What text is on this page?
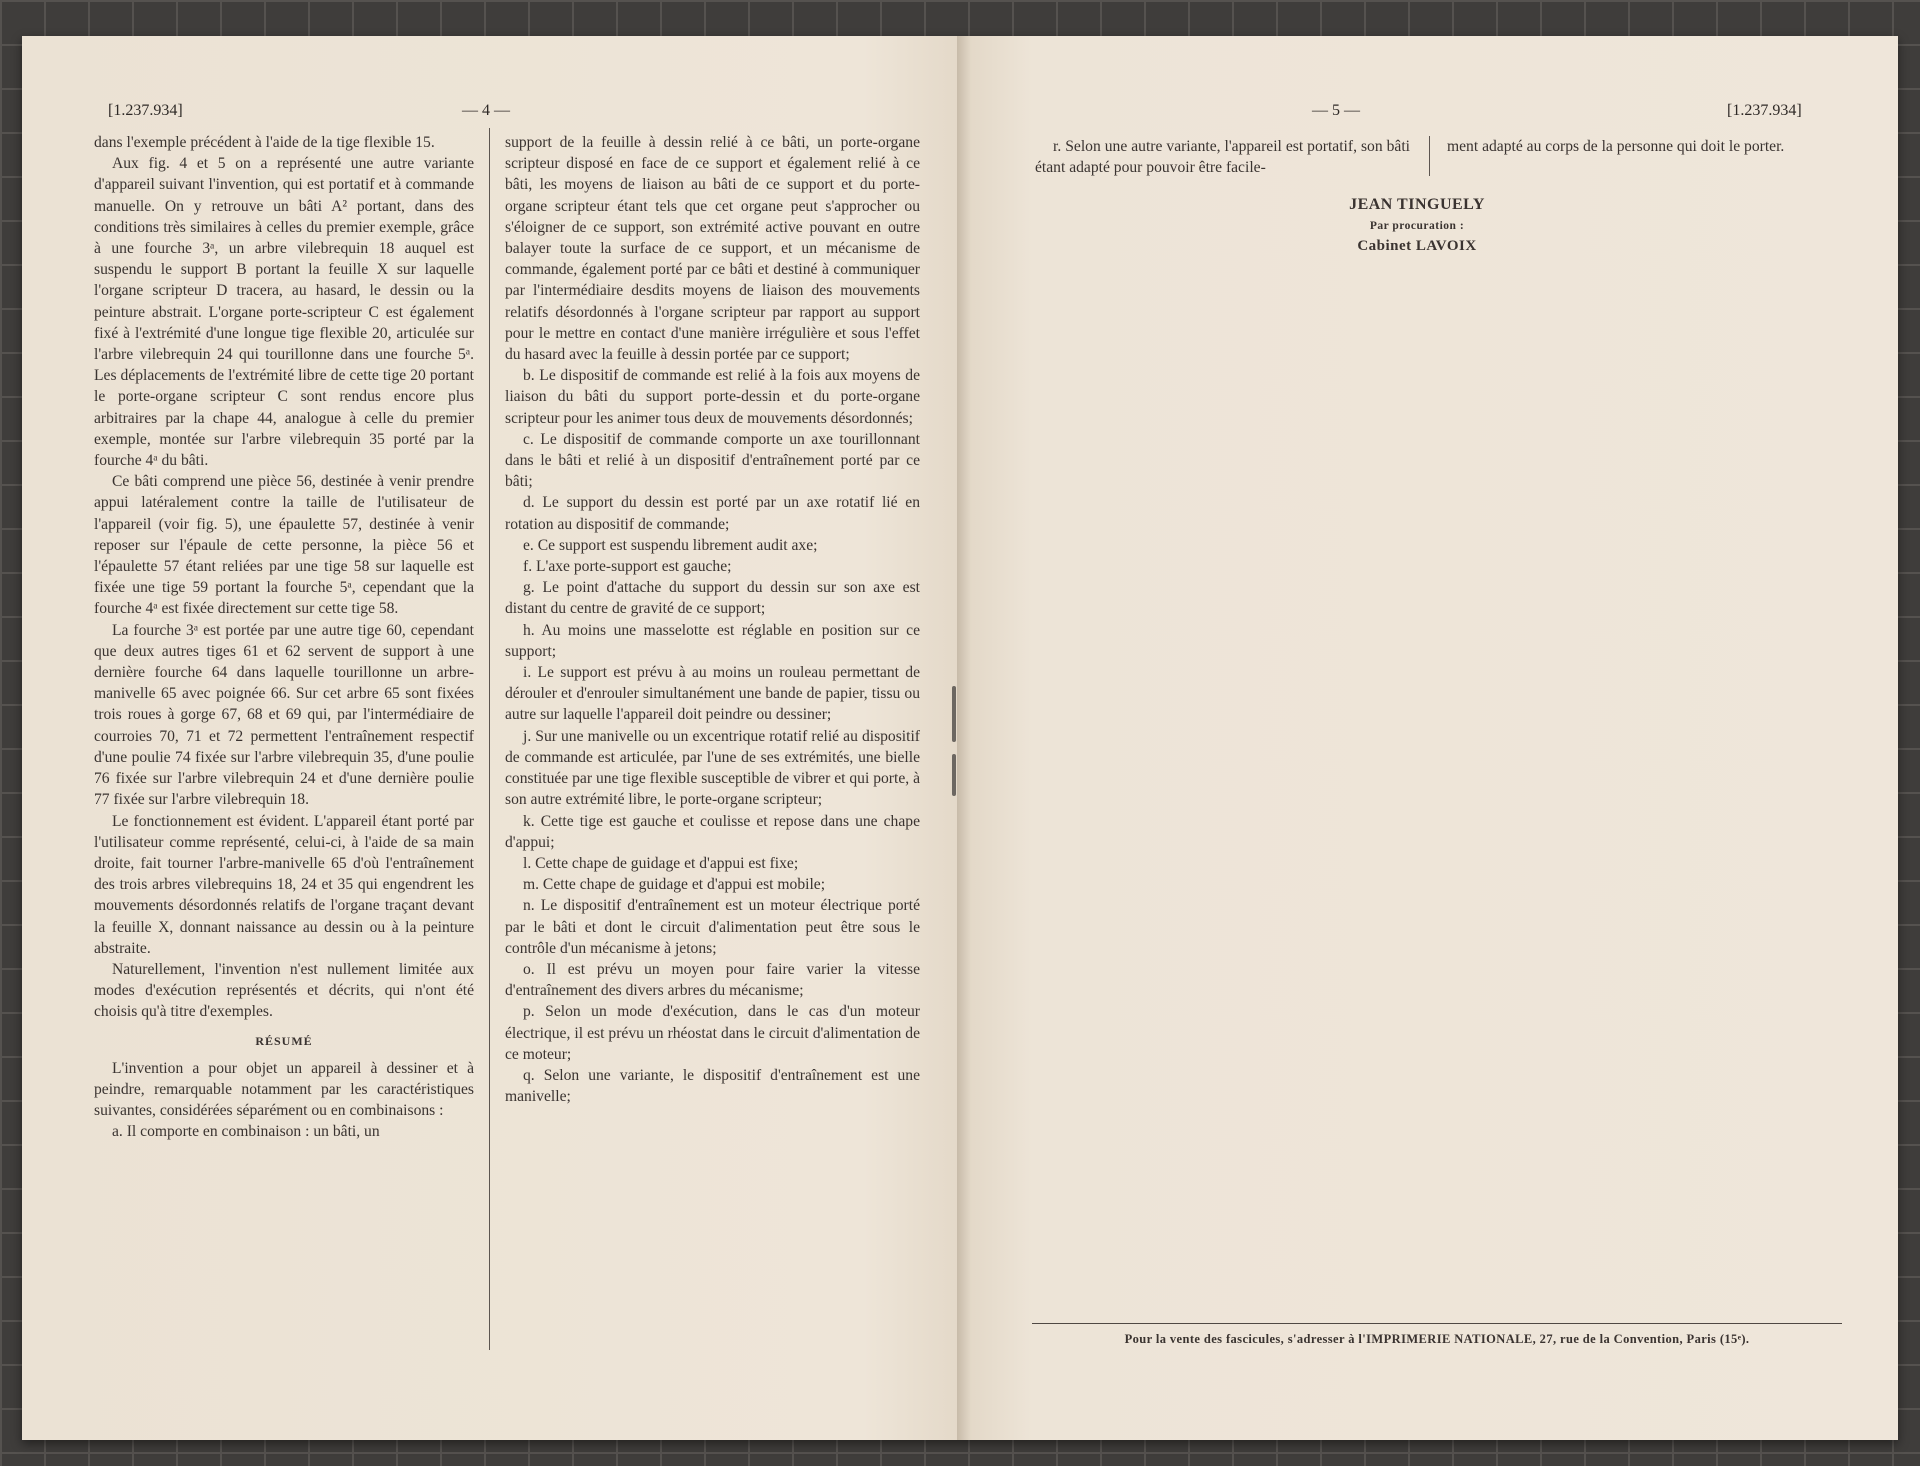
[1.237.934]	— 4 —

dans l'exemple précédent à l'aide de la tige flexible 15.

Aux fig. 4 et 5 on a représenté une autre variante d'appareil suivant l'invention, qui est portatif et à commande manuelle. On y retrouve un bâti A² portant, dans des conditions très similaires à celles du premier exemple, grâce à une fourche 3ᵃ, un arbre vilebrequin 18 auquel est suspendu le support B portant la feuille X sur laquelle l'organe scripteur D tracera, au hasard, le dessin ou la peinture abstrait. L'organe porte-scripteur C est également fixé à l'extrémité d'une longue tige flexible 20, articulée sur l'arbre vilebrequin 24 qui tourillonne dans une fourche 5ᵃ. Les déplacements de l'extrémité libre de cette tige 20 portant le porte-organe scripteur C sont rendus encore plus arbitraires par la chape 44, analogue à celle du premier exemple, montée sur l'arbre vilebrequin 35 porté par la fourche 4ᵃ du bâti.

Ce bâti comprend une pièce 56, destinée à venir prendre appui latéralement contre la taille de l'utilisateur de l'appareil (voir fig. 5), une épaulette 57, destinée à venir reposer sur l'épaule de cette personne, la pièce 56 et l'épaulette 57 étant reliées par une tige 58 sur laquelle est fixée une tige 59 portant la fourche 5ᵃ, cependant que la fourche 4ᵃ est fixée directement sur cette tige 58.

La fourche 3ᵃ est portée par une autre tige 60, cependant que deux autres tiges 61 et 62 servent de support à une dernière fourche 64 dans laquelle tourillonne un arbre-manivelle 65 avec poignée 66. Sur cet arbre 65 sont fixées trois roues à gorge 67, 68 et 69 qui, par l'intermédiaire de courroies 70, 71 et 72 permettent l'entraînement respectif d'une poulie 74 fixée sur l'arbre vilebrequin 35, d'une poulie 76 fixée sur l'arbre vilebrequin 24 et d'une dernière poulie 77 fixée sur l'arbre vilebrequin 18.

Le fonctionnement est évident. L'appareil étant porté par l'utilisateur comme représenté, celui-ci, à l'aide de sa main droite, fait tourner l'arbre-manivelle 65 d'où l'entraînement des trois arbres vilebrequins 18, 24 et 35 qui engendrent les mouvements désordonnés relatifs de l'organe traçant devant la feuille X, donnant naissance au dessin ou à la peinture abstraite.

Naturellement, l'invention n'est nullement limitée aux modes d'exécution représentés et décrits, qui n'ont été choisis qu'à titre d'exemples.

RÉSUMÉ

L'invention a pour objet un appareil à dessiner et à peindre, remarquable notamment par les caractéristiques suivantes, considérées séparément ou en combinaisons :

a. Il comporte en combinaison : un bâti, un

support de la feuille à dessin relié à ce bâti, un porte-organe scripteur disposé en face de ce support et également relié à ce bâti, les moyens de liaison au bâti de ce support et du porte-organe scripteur étant tels que cet organe peut s'approcher ou s'éloigner de ce support, son extrémité active pouvant en outre balayer toute la surface de ce support, et un mécanisme de commande, également porté par ce bâti et destiné à communiquer par l'intermédiaire desdits moyens de liaison des mouvements relatifs désordonnés à l'organe scripteur par rapport au support pour le mettre en contact d'une manière irrégulière et sous l'effet du hasard avec la feuille à dessin portée par ce support;

b. Le dispositif de commande est relié à la fois aux moyens de liaison du bâti du support porte-dessin et du porte-organe scripteur pour les animer tous deux de mouvements désordonnés;

c. Le dispositif de commande comporte un axe tourillonnant dans le bâti et relié à un dispositif d'entraînement porté par ce bâti;

d. Le support du dessin est porté par un axe rotatif lié en rotation au dispositif de commande;

e. Ce support est suspendu librement audit axe;

f. L'axe porte-support est gauche;

g. Le point d'attache du support du dessin sur son axe est distant du centre de gravité de ce support;

h. Au moins une masselotte est réglable en position sur ce support;

i. Le support est prévu à au moins un rouleau permettant de dérouler et d'enrouler simultanément une bande de papier, tissu ou autre sur laquelle l'appareil doit peindre ou dessiner;

j. Sur une manivelle ou un excentrique rotatif relié au dispositif de commande est articulée, par l'une de ses extrémités, une bielle constituée par une tige flexible susceptible de vibrer et qui porte, à son autre extrémité libre, le porte-organe scripteur;

k. Cette tige est gauche et coulisse et repose dans une chape d'appui;

l. Cette chape de guidage et d'appui est fixe;

m. Cette chape de guidage et d'appui est mobile;

n. Le dispositif d'entraînement est un moteur électrique porté par le bâti et dont le circuit d'alimentation peut être sous le contrôle d'un mécanisme à jetons;

o. Il est prévu un moyen pour faire varier la vitesse d'entraînement des divers arbres du mécanisme;

p. Selon un mode d'exécution, dans le cas d'un moteur électrique, il est prévu un rhéostat dans le circuit d'alimentation de ce moteur;

q. Selon une variante, le dispositif d'entraînement est une manivelle;

— 5 —	[1.237.934]

r. Selon une autre variante, l'appareil est portatif, son bâti étant adapté pour pouvoir être facile-

ment adapté au corps de la personne qui doit le porter.

JEAN TINGUELY
Par procuration :
Cabinet LAVOIX
Pour la vente des fascicules, s'adresser à l'IMPRIMERIE NATIONALE, 27, rue de la Convention, Paris (15ᵉ).
